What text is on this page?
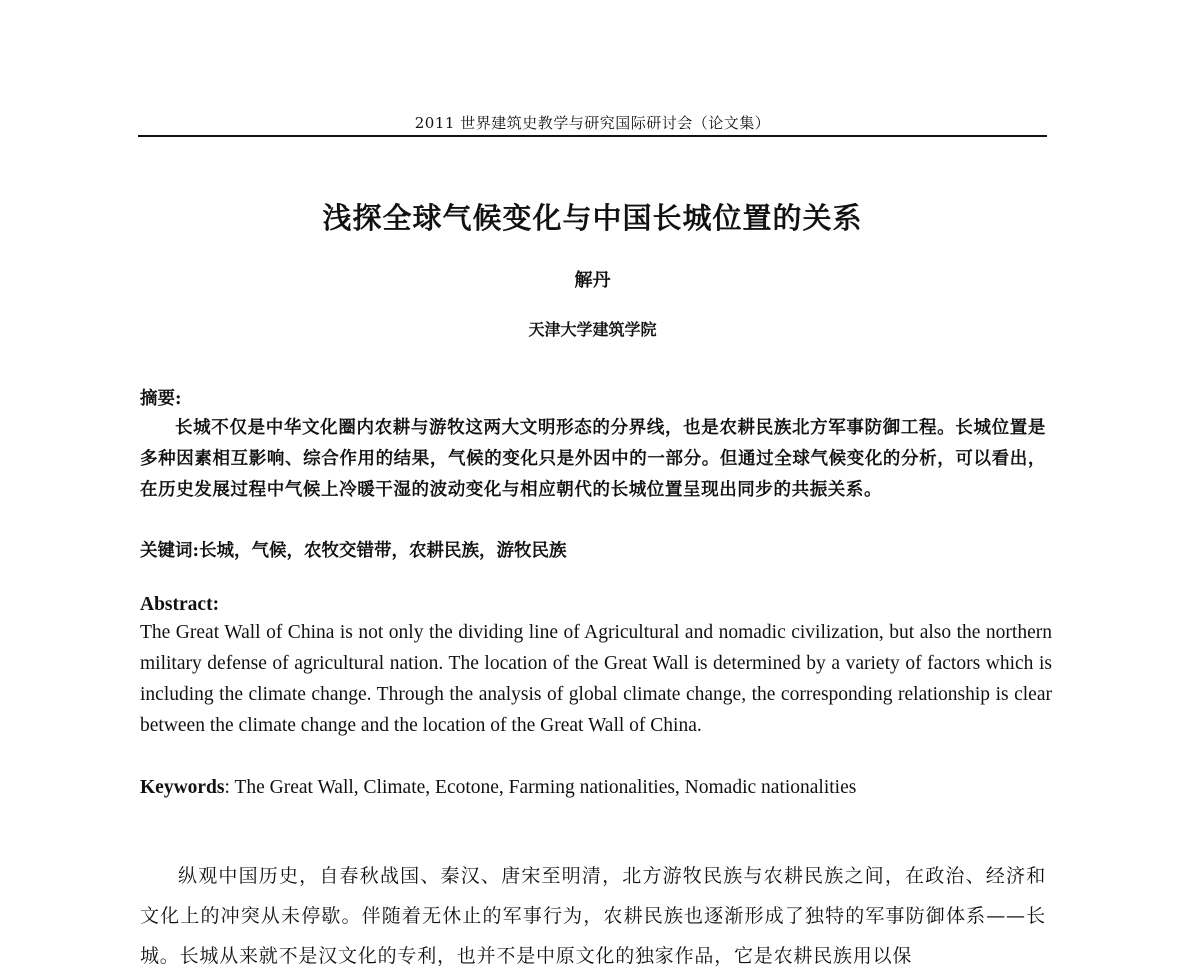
2011 世界建筑史教学与研究国际研讨会（论文集）
浅探全球气候变化与中国长城位置的关系
解丹
天津大学建筑学院
摘要:
长城不仅是中华文化圈内农耕与游牧这两大文明形态的分界线，也是农耕民族北方军事防御工程。长城位置是多种因素相互影响、综合作用的结果，气候的变化只是外因中的一部分。但通过全球气候变化的分析，可以看出，在历史发展过程中气候上冷暖干湿的波动变化与相应朝代的长城位置呈现出同步的共振关系。
关键词:长城，气候，农牧交错带，农耕民族，游牧民族
Abstract:
The Great Wall of China is not only the dividing line of Agricultural and nomadic civilization, but also the northern military defense of agricultural nation. The location of the Great Wall is determined by a variety of factors which is including the climate change. Through the analysis of global climate change, the corresponding relationship is clear between the climate change and the location of the Great Wall of China.
Keywords: The Great Wall, Climate, Ecotone, Farming nationalities, Nomadic nationalities
纵观中国历史，自春秋战国、秦汉、唐宋至明清，北方游牧民族与农耕民族之间，在政治、经济和文化上的冲突从未停歇。伴随着无休止的军事行为，农耕民族也逐渐形成了独特的军事防御体系——长城。长城从来就不是汉文化的专利，也并不是中原文化的独家作品，它是农耕民族用以保
